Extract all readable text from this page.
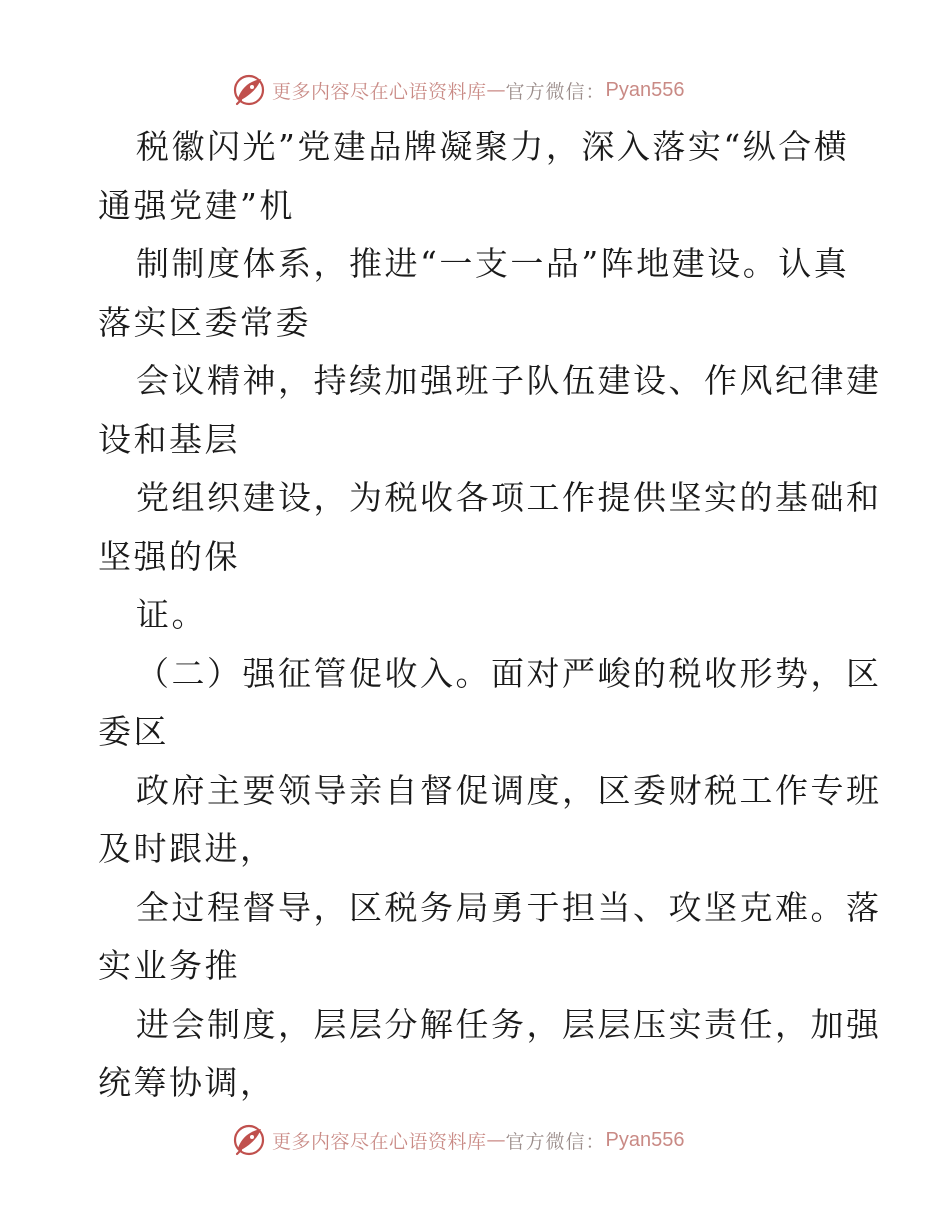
更多内容尽在心语资料库 — 官方微信： Pyan556
税徽闪光”党建品牌凝聚力，深入落实“纵合横
通强党建”机
制制度体系，推进“一支一品”阵地建设。认真
落实区委常委
会议精神，持续加强班子队伍建设、作风纪律建
设和基层
党组织建设，为税收各项工作提供坚实的基础和
坚强的保
证。
（二）强征管促收入。面对严峻的税收形势，区
委区
政府主要领导亲自督促调度，区委财税工作专班
及时跟进，
全过程督导，区税务局勇于担当、攻坚克难。落
实业务推
进会制度，层层分解任务，层层压实责任，加强
统筹协调，
更多内容尽在心语资料库 — 官方微信： Pyan556
